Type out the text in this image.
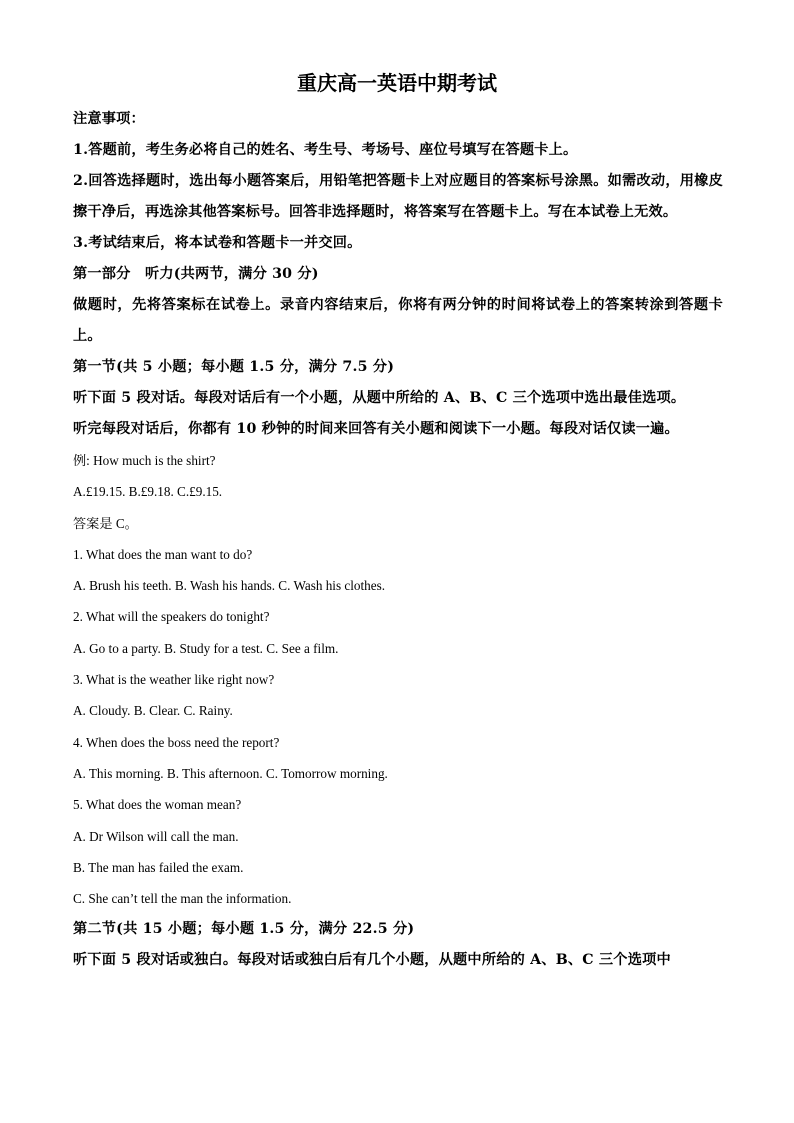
重庆高一英语中期考试

注意事项：

1.答题前，考生务必将自己的姓名、考生号、考场号、座位号填写在答题卡上。

2.回答选择题时，选出每小题答案后，用铅笔把答题卡上对应题目的答案标号涂黑。如需改动，用橡皮擦干净后，再选涂其他答案标号。回答非选择题时，将答案写在答题卡上。写在本试卷上无效。

3.考试结束后，将本试卷和答题卡一并交回。

第一部分　听力(共两节，满分 30 分)

做题时，先将答案标在试卷上。录音内容结束后，你将有两分钟的时间将试卷上的答案转涂到答题卡上。

第一节(共 5 小题；每小题 1.5 分，满分 7.5 分)

听下面 5 段对话。每段对话后有一个小题，从题中所给的 A、B、C 三个选项中选出最佳选项。

听完每段对话后，你都有 10 秒钟的时间来回答有关小题和阅读下一小题。每段对话仅读一遍。

例: How much is the shirt?

A.£19.15. B.£9.18. C.£9.15.

答案是 C。

1. What does the man want to do?

A. Brush his teeth. B. Wash his hands. C. Wash his clothes.

2. What will the speakers do tonight?

A. Go to a party. B. Study for a test. C. See a film.

3. What is the weather like right now?

A. Cloudy. B. Clear. C. Rainy.

4. When does the boss need the report?

A. This morning. B. This afternoon. C. Tomorrow morning.

5. What does the woman mean?

A. Dr Wilson will call the man.

B. The man has failed the exam.

C. She can’t tell the man the information.

第二节(共 15 小题；每小题 1.5 分，满分 22.5 分)

听下面 5 段对话或独白。每段对话或独白后有几个小题，从题中所给的 A、B、C 三个选项中
